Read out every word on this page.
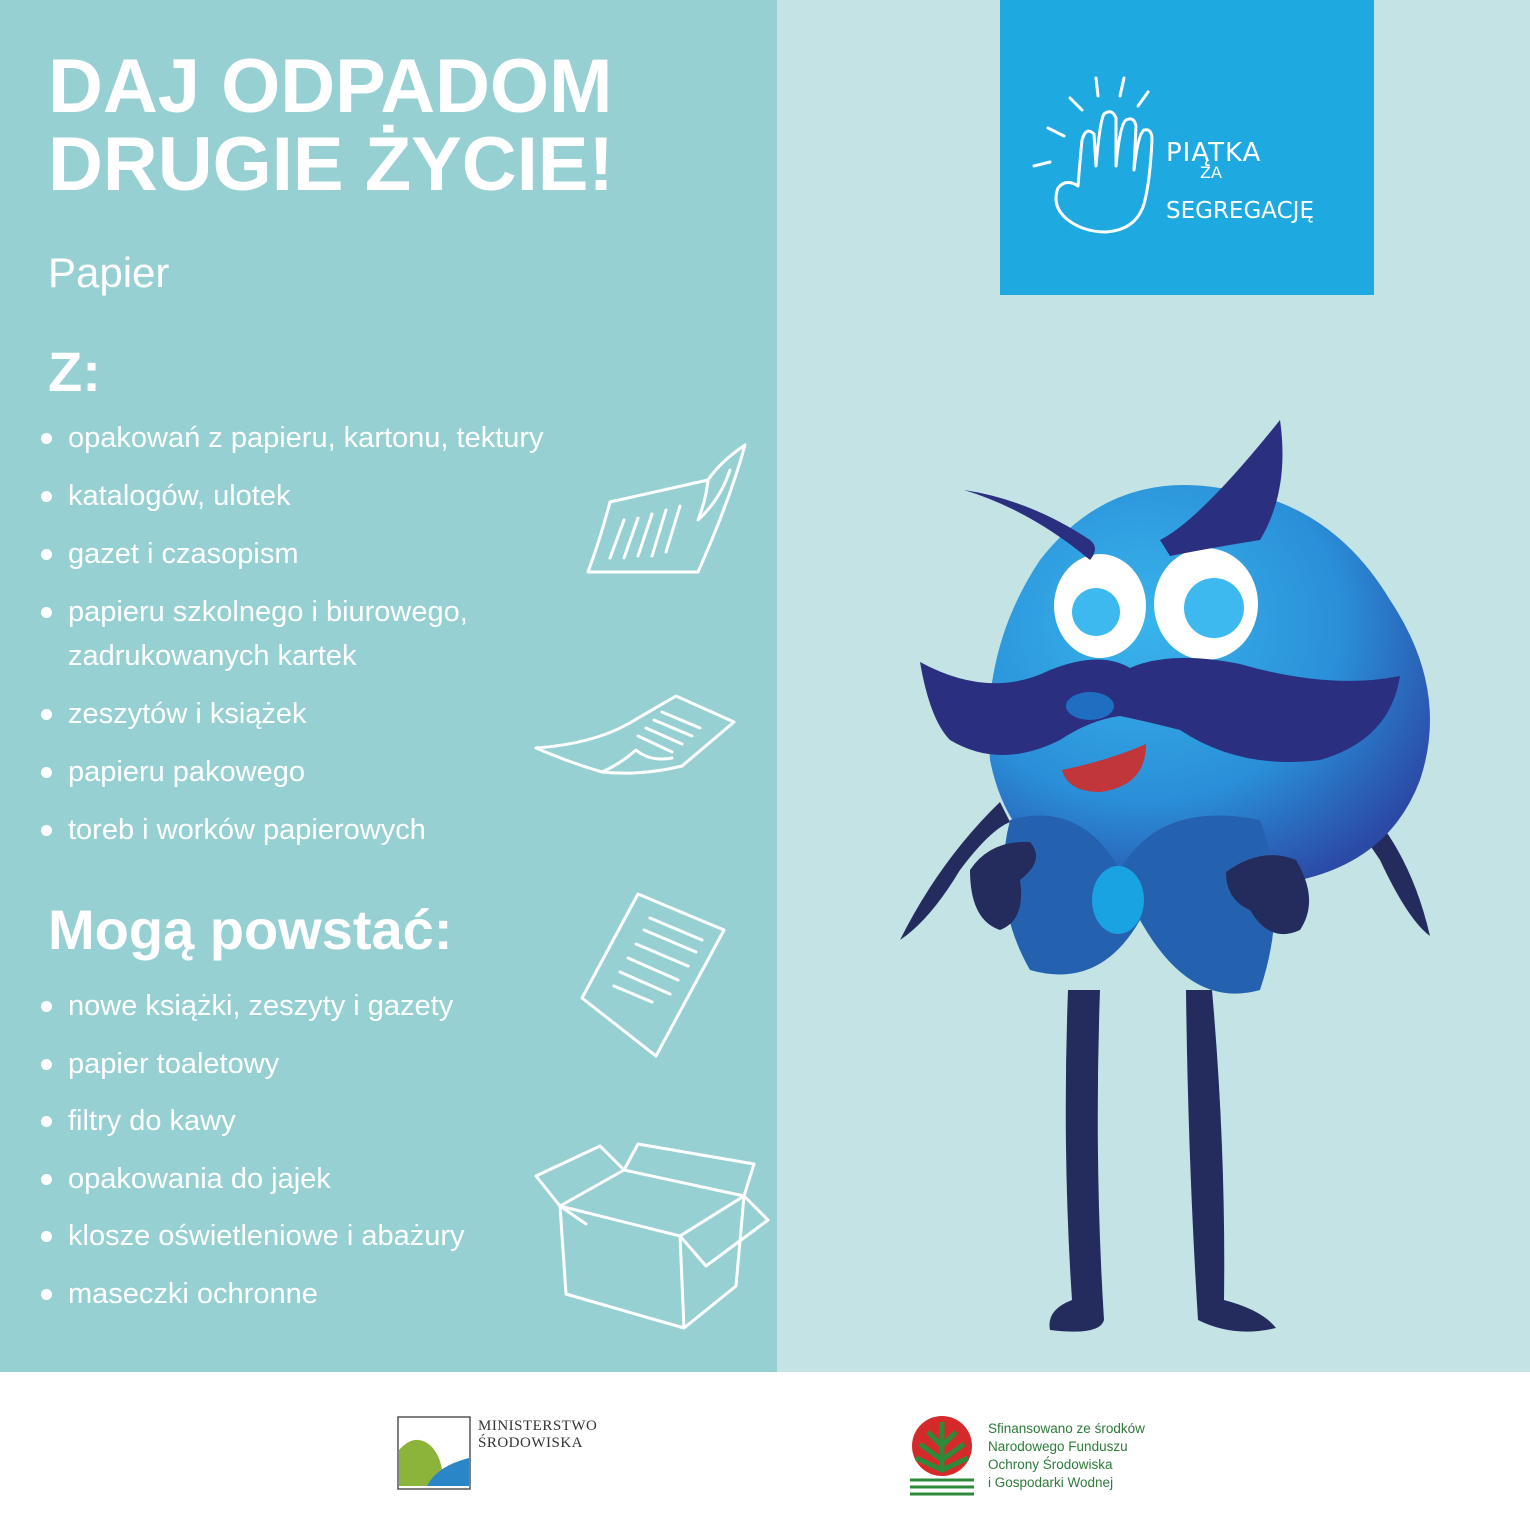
DAJ ODPADOM
DRUGIE ŻYCIE!
Papier
Z:
opakowań z papieru, kartonu, tektury
katalogów, ulotek
gazet i czasopism
papieru szkolnego i biurowego,
zadrukowanych kartek
zeszytów i książek
papieru pakowego
toreb i worków papierowych
Mogą powstać:
nowe książki, zeszyty i gazety
papier toaletowy
filtry do kawy
opakowania do jajek
klosze oświetleniowe i abażury
maseczki ochronne
PIĄTKA
ZA
SEGREGACJĘ
MINISTERSTWO
ŚRODOWISKA
Sfinansowano ze środków
Narodowego Funduszu
Ochrony Środowiska
i Gospodarki Wodnej
